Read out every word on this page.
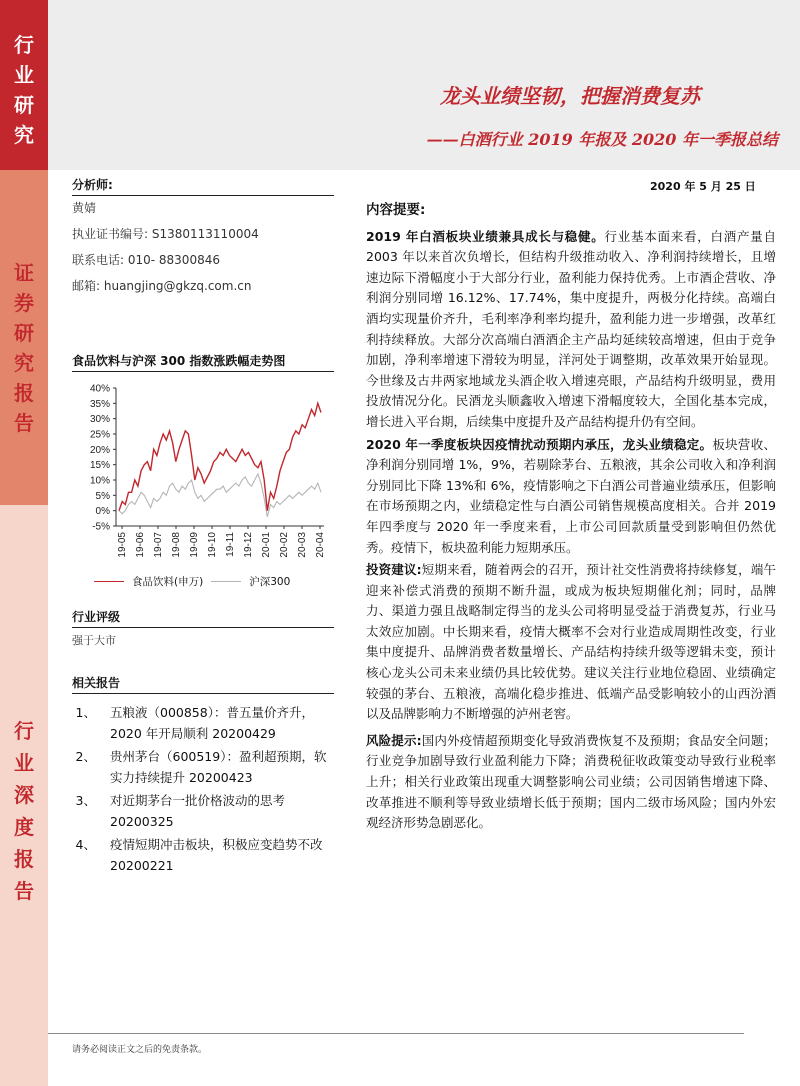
行
业
研
究
证
券
研
究
报
告
行
业
深
度
报
告
龙头业绩坚韧，把握消费复苏
——白酒行业 2019 年报及 2020 年一季报总结
分析师:
黄婧
执业证书编号: S1380113110004
联系电话: 010- 88300846
邮箱: huangjing@gkzq.com.cn
食品饮料与沪深 300 指数涨跌幅走势图
40%
35%
30%
25%
20%
15%
10%
5%
0%
-5%
19-05 19-06 19-07 19-08 19-09 19-10 19-11 19-12 20-01 20-02 20-03 20-04
食品饮料(申万)	沪深300
行业评级
强于大市
相关报告
1、	五粮液（000858）：普五量价齐升，2020 年开局顺利 20200429
2、	贵州茅台（600519）：盈利超预期，软实力持续提升 20200423
3、	对近期茅台一批价格波动的思考 20200325
4、	疫情短期冲击板块，积极应变趋势不改 20200221
2020 年 5 月 25 日
内容提要:

2019 年白酒板块业绩兼具成长与稳健。行业基本面来看，白酒产量自 2003 年以来首次负增长，但结构升级推动收入、净利润持续增长，且增速边际下滑幅度小于大部分行业，盈利能力保持优秀。上市酒企营收、净利润分别同增 16.12%、17.74%，集中度提升，两极分化持续。高端白酒均实现量价齐升，毛利率净利率均提升，盈利能力进一步增强，改革红利持续释放。大部分次高端白酒酒企主产品均延续较高增速，但由于竞争加剧，净利率增速下滑较为明显，洋河处于调整期，改革效果开始显现。今世缘及古井两家地域龙头酒企收入增速亮眼，产品结构升级明显，费用投放情况分化。民酒龙头顺鑫收入增速下滑幅度较大，全国化基本完成，增长进入平台期，后续集中度提升及产品结构提升仍有空间。

2020 年一季度板块因疫情扰动预期内承压，龙头业绩稳定。板块营收、净利润分别同增 1%，9%，若剔除茅台、五粮液，其余公司收入和净利润分别同比下降 13%和 6%，疫情影响之下白酒公司普遍业绩承压，但影响在市场预期之内，业绩稳定性与白酒公司销售规模高度相关。合并 2019 年四季度与 2020 年一季度来看，上市公司回款质量受到影响但仍然优秀。疫情下，板块盈利能力短期承压。

投资建议:短期来看，随着两会的召开，预计社交性消费将持续修复，端午迎来补偿式消费的预期不断升温，或成为板块短期催化剂；同时，品牌力、渠道力强且战略制定得当的龙头公司将明显受益于消费复苏，行业马太效应加剧。中长期来看，疫情大概率不会对行业造成周期性改变，行业集中度提升、品牌消费者数量增长、产品结构持续升级等逻辑未变，预计核心龙头公司未来业绩仍具比较优势。建议关注行业地位稳固、业绩确定较强的茅台、五粮液，高端化稳步推进、低端产品受影响较小的山西汾酒以及品牌影响力不断增强的泸州老窖。

风险提示:国内外疫情超预期变化导致消费恢复不及预期；食品安全问题；行业竞争加剧导致行业盈利能力下降；消费税征收政策变动导致行业税率上升；相关行业政策出现重大调整影响公司业绩；公司因销售增速下降、改革推进不顺利等导致业绩增长低于预期；国内二级市场风险；国内外宏观经济形势急剧恶化。

请务必阅读正文之后的免责条款。
